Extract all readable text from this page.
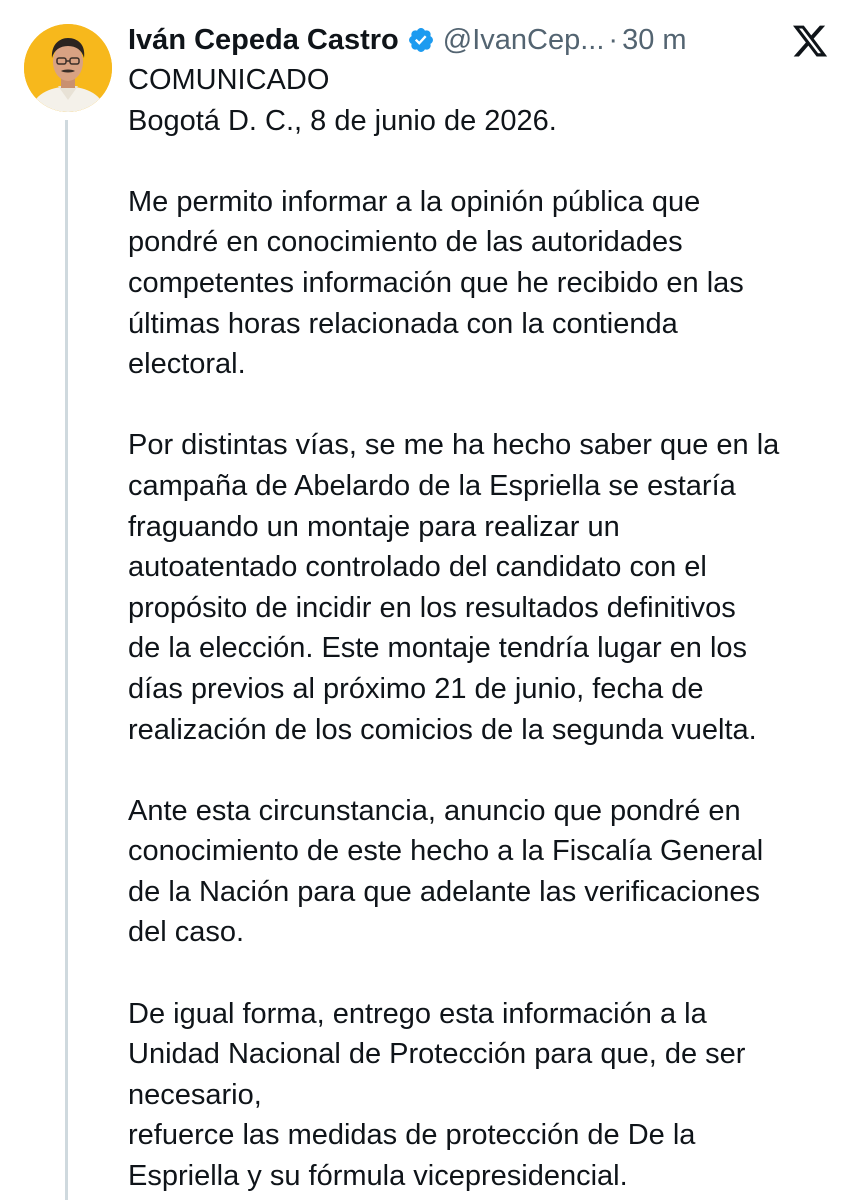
Iván Cepeda Castro @IvanCep... · 30 m
COMUNICADO
Bogotá D. C., 8 de junio de 2026.
Me permito informar a la opinión pública que
pondré en conocimiento de las autoridades
competentes información que he recibido en las
últimas horas relacionada con la contienda
electoral.
Por distintas vías, se me ha hecho saber que en la
campaña de Abelardo de la Espriella se estaría
fraguando un montaje para realizar un
autoatentado controlado del candidato con el
propósito de incidir en los resultados definitivos
de la elección. Este montaje tendría lugar en los
días previos al próximo 21 de junio, fecha de
realización de los comicios de la segunda vuelta.
Ante esta circunstancia, anuncio que pondré en
conocimiento de este hecho a la Fiscalía General
de la Nación para que adelante las verificaciones
del caso.
De igual forma, entrego esta información a la
Unidad Nacional de Protección para que, de ser
necesario,
refuerce las medidas de protección de De la
Espriella y su fórmula vicepresidencial.
